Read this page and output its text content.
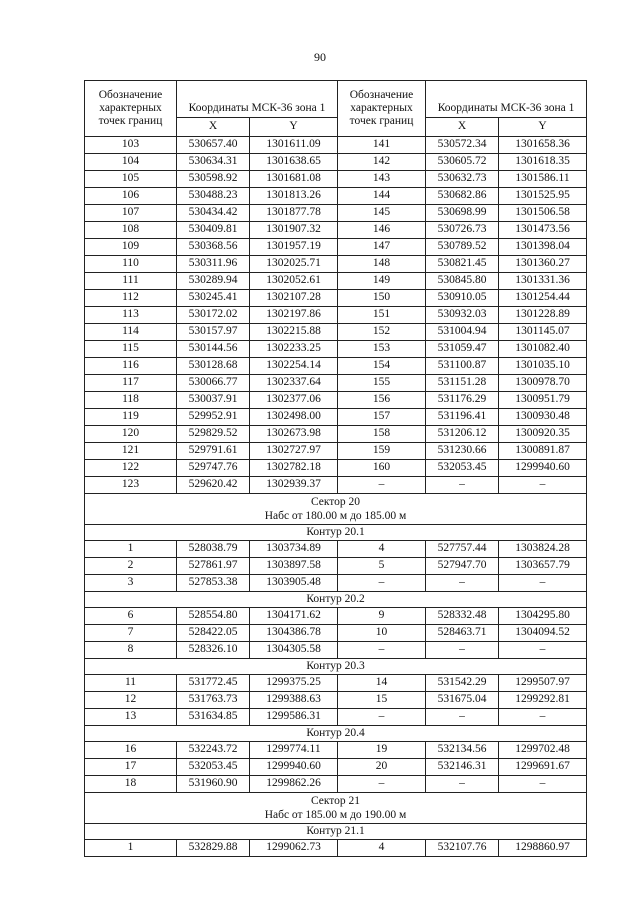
90
Обозначение характерных точек границ	Координаты МСК-36 зона 1		Обозначение характерных точек границ	Координаты МСК-36 зона 1	
	X	Y		X	Y
103	530657.40	1301611.09	141	530572.34	1301658.36
104	530634.31	1301638.65	142	530605.72	1301618.35
105	530598.92	1301681.08	143	530632.73	1301586.11
106	530488.23	1301813.26	144	530682.86	1301525.95
107	530434.42	1301877.78	145	530698.99	1301506.58
108	530409.81	1301907.32	146	530726.73	1301473.56
109	530368.56	1301957.19	147	530789.52	1301398.04
110	530311.96	1302025.71	148	530821.45	1301360.27
111	530289.94	1302052.61	149	530845.80	1301331.36
112	530245.41	1302107.28	150	530910.05	1301254.44
113	530172.02	1302197.86	151	530932.03	1301228.89
114	530157.97	1302215.88	152	531004.94	1301145.07
115	530144.56	1302233.25	153	531059.47	1301082.40
116	530128.68	1302254.14	154	531100.87	1301035.10
117	530066.77	1302337.64	155	531151.28	1300978.70
118	530037.91	1302377.06	156	531176.29	1300951.79
119	529952.91	1302498.00	157	531196.41	1300930.48
120	529829.52	1302673.98	158	531206.12	1300920.35
121	529791.61	1302727.97	159	531230.66	1300891.87
122	529747.76	1302782.18	160	532053.45	1299940.60
123	529620.42	1302939.37	–	–	–

Сектор 20
Набс от 180.00 м до 185.00 м					

Контур 20.1					
1	528038.79	1303734.89	4	527757.44	1303824.28
2	527861.97	1303897.58	5	527947.70	1303657.79
3	527853.38	1303905.48	–	–	–
Контур 20.2					
6	528554.80	1304171.62	9	528332.48	1304295.80
7	528422.05	1304386.78	10	528463.71	1304094.52
8	528326.10	1304305.58	–	–	–
Контур 20.3					
11	531772.45	1299375.25	14	531542.29	1299507.97
12	531763.73	1299388.63	15	531675.04	1299292.81
13	531634.85	1299586.31	–	–	–
Контур 20.4					
16	532243.72	1299774.11	19	532134.56	1299702.48
17	532053.45	1299940.60	20	532146.31	1299691.67
18	531960.90	1299862.26	–	–	–

Сектор 21
Набс от 185.00 м до 190.00 м					

Контур 21.1					
1	532829.88	1299062.73	4	532107.76	1298860.97
